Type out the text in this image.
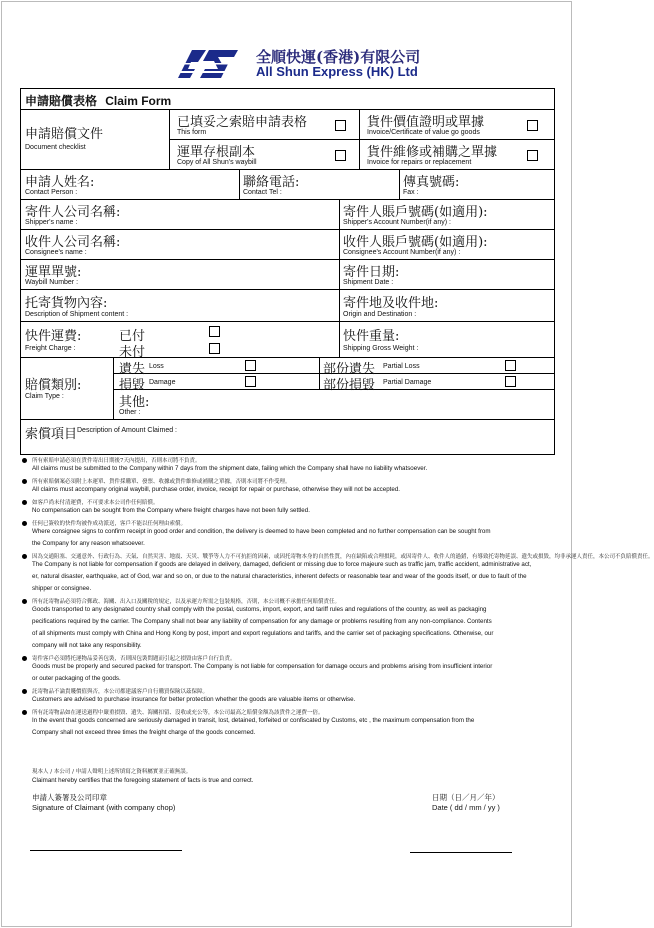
全順快運(香港)有限公司
All Shun Express (HK) Ltd
申請賠償表格 Claim Form
申請賠償文件
Document checklist
已填妥之索賠申請表格
This form
貨件價值證明或單據
Invoice/Certificate of value go goods
運單存根副本
Copy of All Shun's waybill
貨件維修或補購之單據
Invoice for repairs or replacement
申請人姓名:
Contact Person :
聯絡電話:
Contact Tel :
傳真號碼:
Fax :
寄件人公司名稱:
Shipper's name :
寄件人賬戶號碼(如適用):
Shipper's Account Number(if any) :
收件人公司名稱:
Consignee's name :
收件人賬戶號碼(如適用):
Consignee's Account Number(if any) :
運單單號:
Waybill Number :
寄件日期:
Shipment Date :
托寄貨物內容:
Description of Shipment content :
寄件地及收件地:
Origin and Destination :
快件運費:
Freight Charge :
已付
未付
快件重量:
Shipping Gross Weight :
賠償類別:
Claim Type :
遺失 Loss	部份遺失 Partial Loss
損毀 Damage	部份損毀 Partial Damage
其他:
Other :
索償項目 Description of Amount Claimed :
所有索賠申請必須在貨件寄出日期後7天內提出，否則本司將不負責。
All claims must be submitted to the Company within 7 days from the shipment date, failing which the Company shall have no liability whatsoever.
所有索賠個案必須附上本運單、貨件採購單、發票、收據或貨件維修或補購之單據，否則本司將不作受理。
All claims must accompany original waybill, purchase order, invoice, receipt for repair or purchase, otherwise they will not be accepted.
如客戶尚未付清運費，不可要求本公司作任何賠償。
No compensation can be sought from the Company where freight charges have not been fully settled.
任何已簽收的快件均被作成功派送，客戶不能以任何理由索償。
Where consignee signs to confirm receipt in good order and condition, the delivery is deemed to have been completed and no further compensation can be sought from
the Company for any reason whatsoever.
因為交通阻塞、交通意外、行政行為、天氣、自然災害、地震、天災、戰爭等人力不可抗拒的因素，或因托寄物本身的自然性質，內在缺陷或合理損耗，或因寄件人、收件人的過錯，有導致托寄物延誤、遺失或損毀，均非承運人責任，本公司不負賠償責任。
The Company is not liable for compensation if goods are delayed in delivery, damaged, deficient or missing due to force majeure such as traffic jam, traffic accident, administrative act,
er, natural disaster, earthquake, act of God, war and so on, or due to the natural characteristics, inherent defects or reasonable tear and wear of the goods itself, or due to fault of the
shipper or consignee.
所有託寄物品必須符合郵政、海關、出入口及關稅的規定，以及承運方所需之包裝規格，否則，本公司概不承擔任何賠償責任。
Goods transported to any designated country shall comply with the postal, customs, import, export, and tariff rules and regulations of the country, as well as packaging
pecifications required by the carrier. The Company shall not bear any liability of compensation for any damage or problems resulting from any non-compliance. Contents
of all shipments must comply with China and Hong Kong by post, import and export regulations and tariffs, and the carrier set of packaging specifications. Otherwise, our
company will not take any responsibility.
寄件客戶必須將托運物品妥善包裝，否則因包裝問題而引起之損毀由客戶自行負責。
Goods must be properly and secured packed for transport. The Company is not liable for compensation for damage occurs and problems arising from insufficient interior
or outer packaging of the goods.
託寄物品不論貴賤價值與否，本公司都建議客戶自行購買保險以茲保障。
Customers are advised to purchase insurance for better protection whether the goods are valuable items or otherwise.
所有託寄物品如在運送過程中嚴重損毀、遺失、海關扣留、沒收或充公等，本公司最高之賠償金額為該貨件之運費一倍。
In the event that goods concerned are seriously damaged in transit, lost, detained, forfeited or confiscated by Customs, etc , the maximum compensation from the
Company shall not exceed three times the freight charge of the goods concerned.
現本人 / 本公司 / 申請人聲明上述所填寫之資料屬實並正確無誤。
Claimant hereby certifies that the foregoing statement of facts is true and correct.
申請人簽署及公司印章
Signature of Claimant (with company chop)
日期（日／月／年）
Date ( dd / mm / yy )
